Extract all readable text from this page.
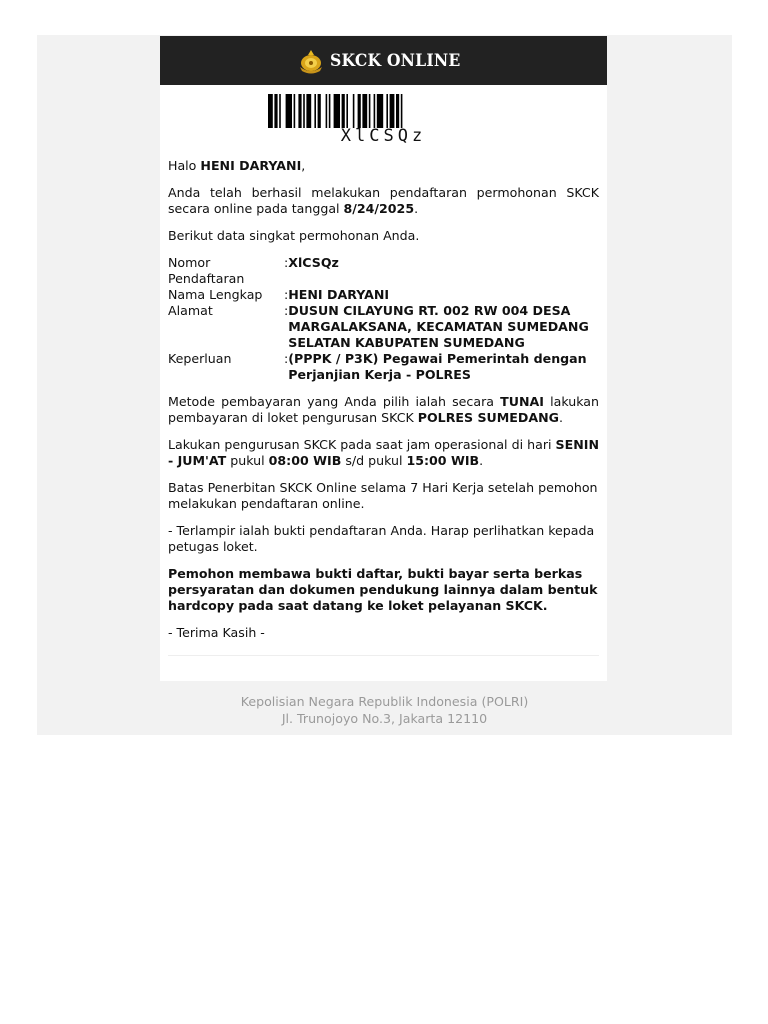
SKCK ONLINE
XlCSQz

Halo HENI DARYANI,

Anda telah berhasil melakukan pendaftaran permohonan SKCK secara online pada tanggal 8/24/2025.

Berikut data singkat permohonan Anda.

Nomor Pendaftaran	:XlCSQz
Nama Lengkap	:HENI DARYANI
Alamat		: DUSUN CILAYUNG RT. 002 RW 004 DESA MARGALAKSANA, KECAMATAN SUMEDANG SELATAN KABUPATEN SUMEDANG

Keperluan		: (PPPK / P3K) Pegawai Pemerintah dengan Perjanjian Kerja - POLRES

Metode pembayaran yang Anda pilih ialah secara TUNAI lakukan pembayaran di loket pengurusan SKCK POLRES SUMEDANG.

Lakukan pengurusan SKCK pada saat jam operasional di hari SENIN - JUM'AT pukul 08:00 WIB s/d pukul 15:00 WIB.

Batas Penerbitan SKCK Online selama 7 Hari Kerja setelah pemohon melakukan pendaftaran online.

- Terlampir ialah bukti pendaftaran Anda. Harap perlihatkan kepada petugas loket.

Pemohon membawa bukti daftar, bukti bayar serta berkas persyaratan dan dokumen pendukung lainnya dalam bentuk hardcopy pada saat datang ke loket pelayanan SKCK.

- Terima Kasih -

Kepolisian Negara Republik Indonesia (POLRI)
Jl. Trunojoyo No.3, Jakarta 12110
